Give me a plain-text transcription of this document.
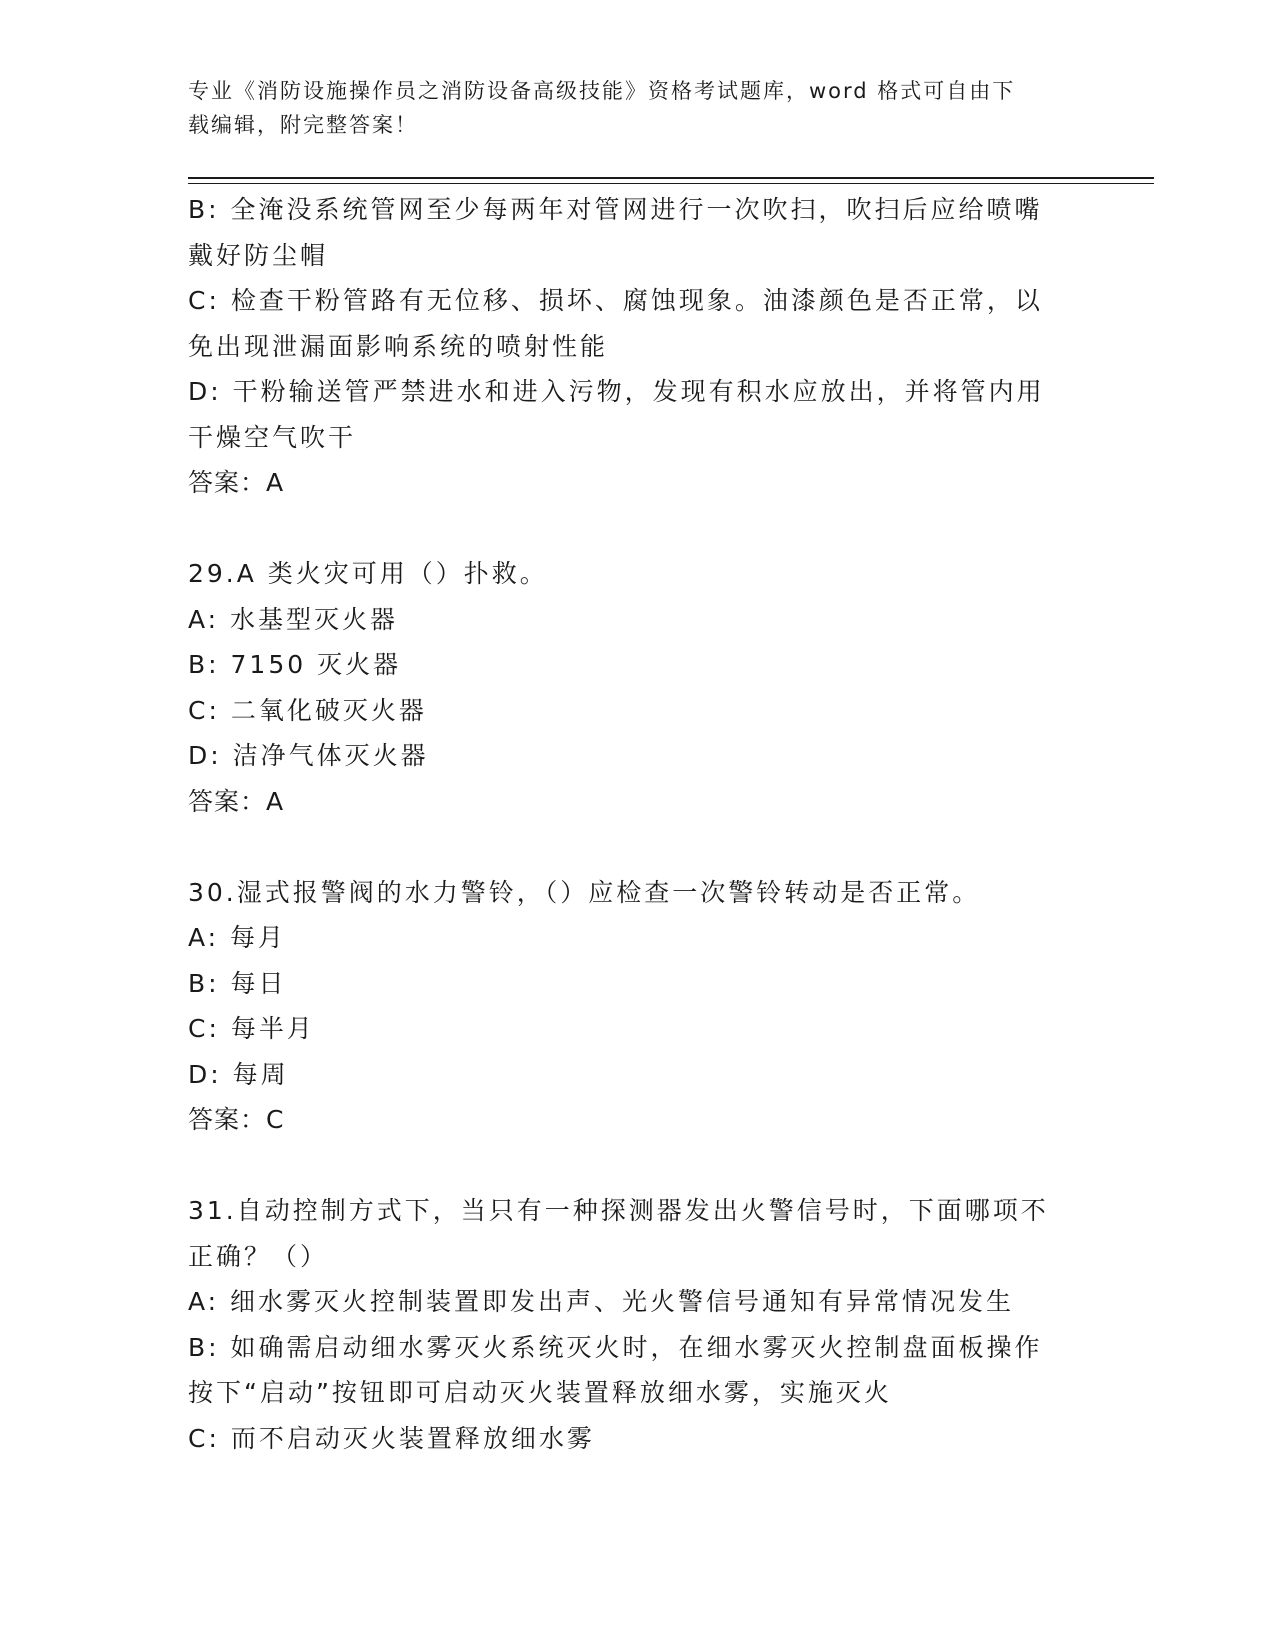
专业《消防设施操作员之消防设备高级技能》资格考试题库，word 格式可自由下
载编辑，附完整答案！
B: 全淹没系统管网至少每两年对管网进行一次吹扫，吹扫后应给喷嘴
戴好防尘帽
C: 检查干粉管路有无位移、损坏、腐蚀现象。油漆颜色是否正常，以
免出现泄漏面影响系统的喷射性能
D: 干粉输送管严禁进水和进入污物，发现有积水应放出，并将管内用
干燥空气吹干
答案：A
29.A 类火灾可用（）扑救。
A: 水基型灭火器
B: 7150 灭火器
C: 二氧化破灭火器
D: 洁净气体灭火器
答案：A
30.湿式报警阀的水力警铃，（）应检查一次警铃转动是否正常。
A: 每月
B: 每日
C: 每半月
D: 每周
答案：C
31.自动控制方式下，当只有一种探测器发出火警信号时，下面哪项不
正确？（）
A: 细水雾灭火控制装置即发出声、光火警信号通知有异常情况发生
B: 如确需启动细水雾灭火系统灭火时，在细水雾灭火控制盘面板操作
按下“启动”按钮即可启动灭火装置释放细水雾，实施灭火
C: 而不启动灭火装置释放细水雾
